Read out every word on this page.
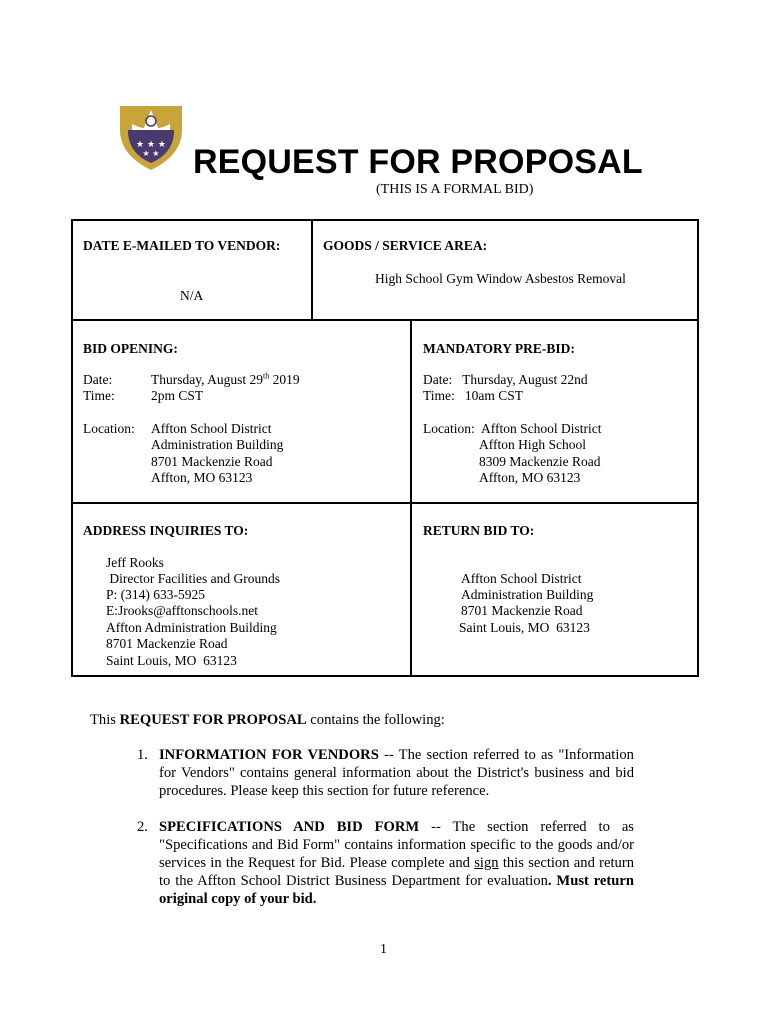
★ ★ ★
★ ★ REQUEST FOR PROPOSAL
(THIS IS A FORMAL BID)
DATE E-MAILED TO VENDOR:
N/A
GOODS / SERVICE AREA:
High School Gym Window Asbestos Removal
BID OPENING:
Date:	Thursday, August 29th 2019
Time:	2pm CST
Location: Affton School District
Administration Building
8701 Mackenzie Road
Affton, MO 63123
MANDATORY PRE-BID:
Date:   Thursday, August 22nd
Time:   10am CST
Location: Affton School District
Affton High School
8309 Mackenzie Road
Affton, MO 63123
ADDRESS INQUIRIES TO:
Jeff Rooks
Director Facilities and Grounds
P: (314) 633-5925
E:Jrooks@afftonschools.net
Affton Administration Building
8701 Mackenzie Road
Saint Louis, MO  63123
RETURN BID TO:
Affton School District
Administration Building
8701 Mackenzie Road
Saint Louis, MO  63123
This REQUEST FOR PROPOSAL contains the following:
1. INFORMATION FOR VENDORS -- The section referred to as "Information for Vendors" contains general information about the District's business and bid procedures. Please keep this section for future reference.
2. SPECIFICATIONS AND BID FORM -- The section referred to as "Specifications and Bid Form" contains information specific to the goods and/or services in the Request for Bid. Please complete and sign this section and return to the Affton School District Business Department for evaluation. Must return original copy of your bid.
1
